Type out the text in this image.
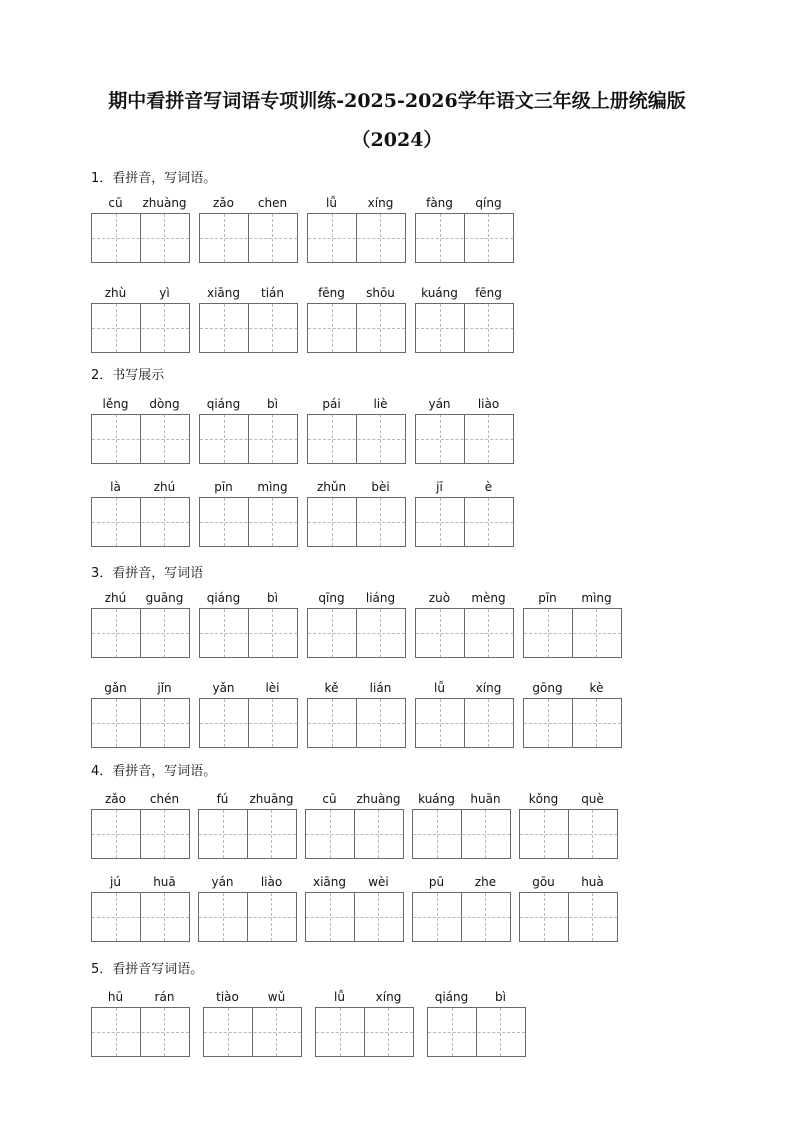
期中看拼音写词语专项训练-2025-2026学年语文三年级上册统编版
（2024）
1．看拼音，写词语。
cū	zhuàng	zǎo	chen	lǚ	xíng	fàng	qíng
zhù	yì	xiāng	tián	fēng	shōu	kuáng	fēng
2．书写展示
lěng	dòng	qiáng	bì	pái	liè	yán	liào
là	zhú	pīn	mìng	zhǔn	bèi	jī	è
3．看拼音，写词语
zhú	guāng	qiáng	bì	qīng	liáng	zuò	mèng	pīn	mìng
gǎn	jǐn	yǎn	lèi	kě	lián	lǚ	xíng	gōng	kè
4．看拼音，写词语。
zǎo	chén	fú	zhuāng	cū	zhuàng	kuáng	huān	kǒng	què
jú	huā	yán	liào	xiāng	wèi	pū	zhe	gōu	huà
5．看拼音写词语。
hū	rán	tiào	wǔ	lǚ	xíng	qiáng	bì
